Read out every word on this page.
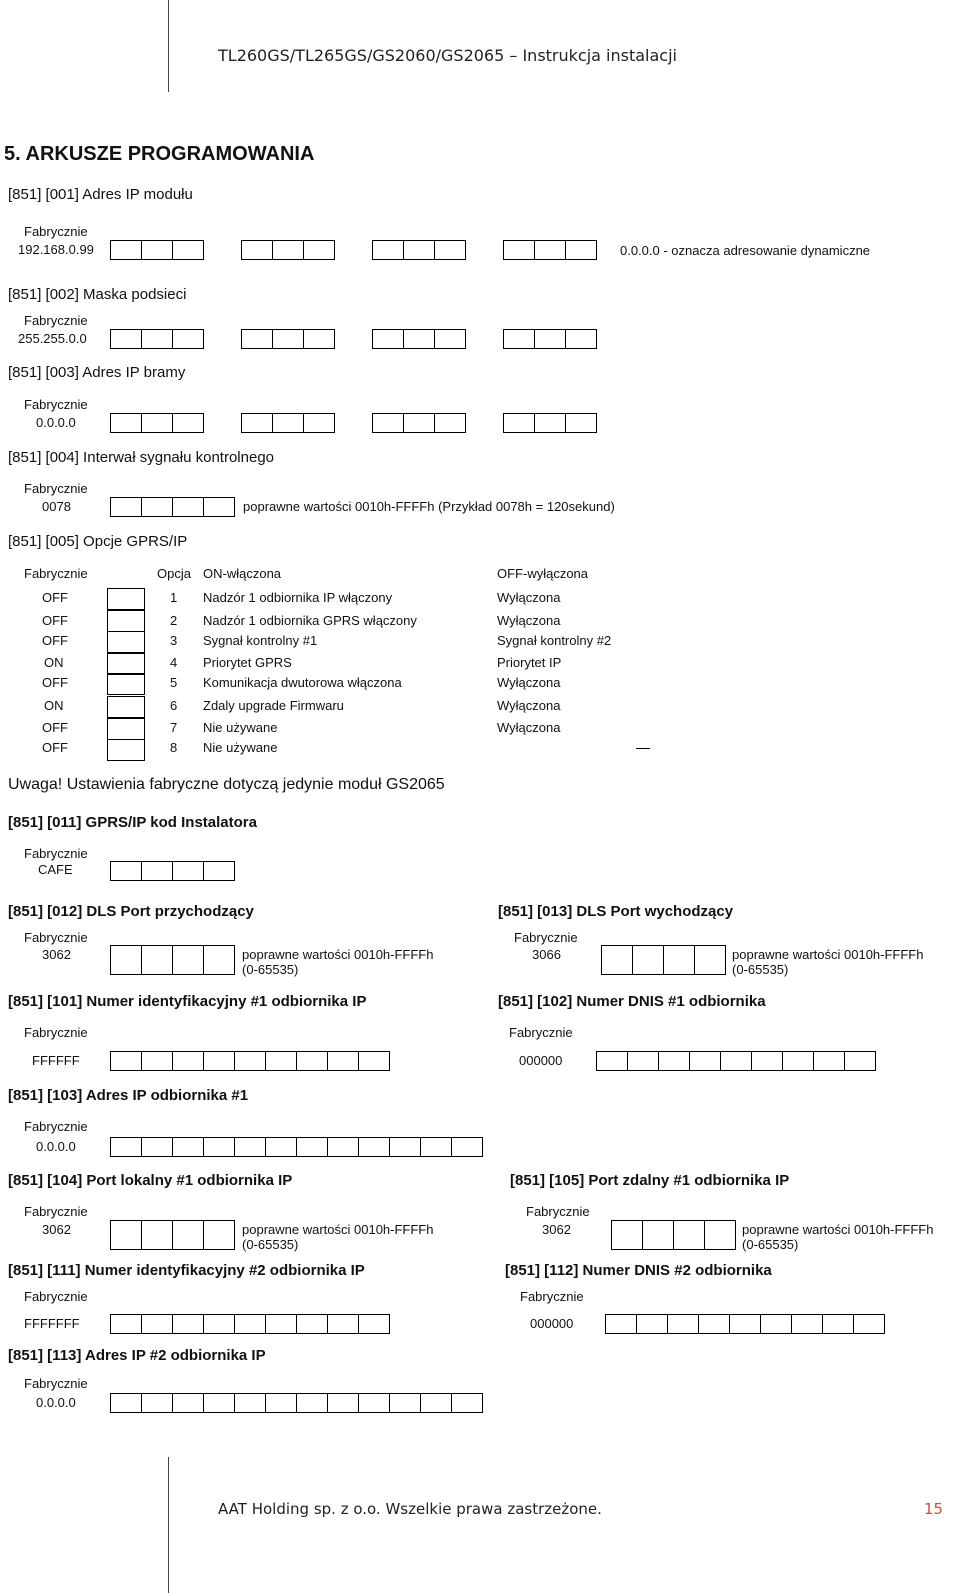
TL260GS/TL265GS/GS2060/GS2065 – Instrukcja instalacji
5. ARKUSZE PROGRAMOWANIA
[851] [001] Adres IP modułu
Fabrycznie
192.168.0.99	0.0.0.0 - oznacza adresowanie dynamiczne
[851] [002] Maska podsieci
Fabrycznie
255.255.0.0
[851] [003] Adres IP bramy
Fabrycznie
0.0.0.0
[851] [004] Interwał sygnału kontrolnego
Fabrycznie
0078	poprawne wartości 0010h-FFFFh (Przykład 0078h = 120sekund)
[851] [005] Opcje GPRS/IP
Fabrycznie	Opcja ON-włączona	OFF-wyłączona
OFF	1 Nadzór 1 odbiornika IP włączony	Wyłączona
OFF	2 Nadzór 1 odbiornika GPRS włączony	Wyłączona
OFF	3 Sygnał kontrolny #1	Sygnał kontrolny #2
ON	4 Priorytet GPRS	Priorytet IP
OFF	5 Komunikacja dwutorowa włączona	Wyłączona
ON	6 Zdaly upgrade Firmwaru	Wyłączona
OFF	7 Nie używane	Wyłączona
OFF	8 Nie używane
Uwaga! Ustawienia fabryczne dotyczą jedynie moduł GS2065
[851] [011] GPRS/IP kod Instalatora
Fabrycznie
CAFE
[851] [012] DLS Port przychodzący
Fabrycznie
3062	poprawne wartości 0010h-FFFFh
(0-65535)
[851] [013] DLS Port wychodzący
Fabrycznie
3066	poprawne wartości 0010h-FFFFh
(0-65535)
[851] [101] Numer identyfikacyjny #1 odbiornika IP
Fabrycznie
FFFFFF
[851] [102] Numer DNIS #1 odbiornika
Fabrycznie
000000
[851] [103] Adres IP odbiornika #1
Fabrycznie
0.0.0.0
[851] [104] Port lokalny #1 odbiornika IP
Fabrycznie
3062	poprawne wartości 0010h-FFFFh
(0-65535)
[851] [105] Port zdalny #1 odbiornika IP
Fabrycznie
3062	poprawne wartości 0010h-FFFFh
(0-65535)
[851] [111] Numer identyfikacyjny #2 odbiornika IP
Fabrycznie
FFFFFFF
[851] [112] Numer DNIS #2 odbiornika
Fabrycznie
000000
[851] [113] Adres IP #2 odbiornika IP
Fabrycznie
0.0.0.0
AAT Holding sp. z o.o. Wszelkie prawa zastrzeżone.	15
